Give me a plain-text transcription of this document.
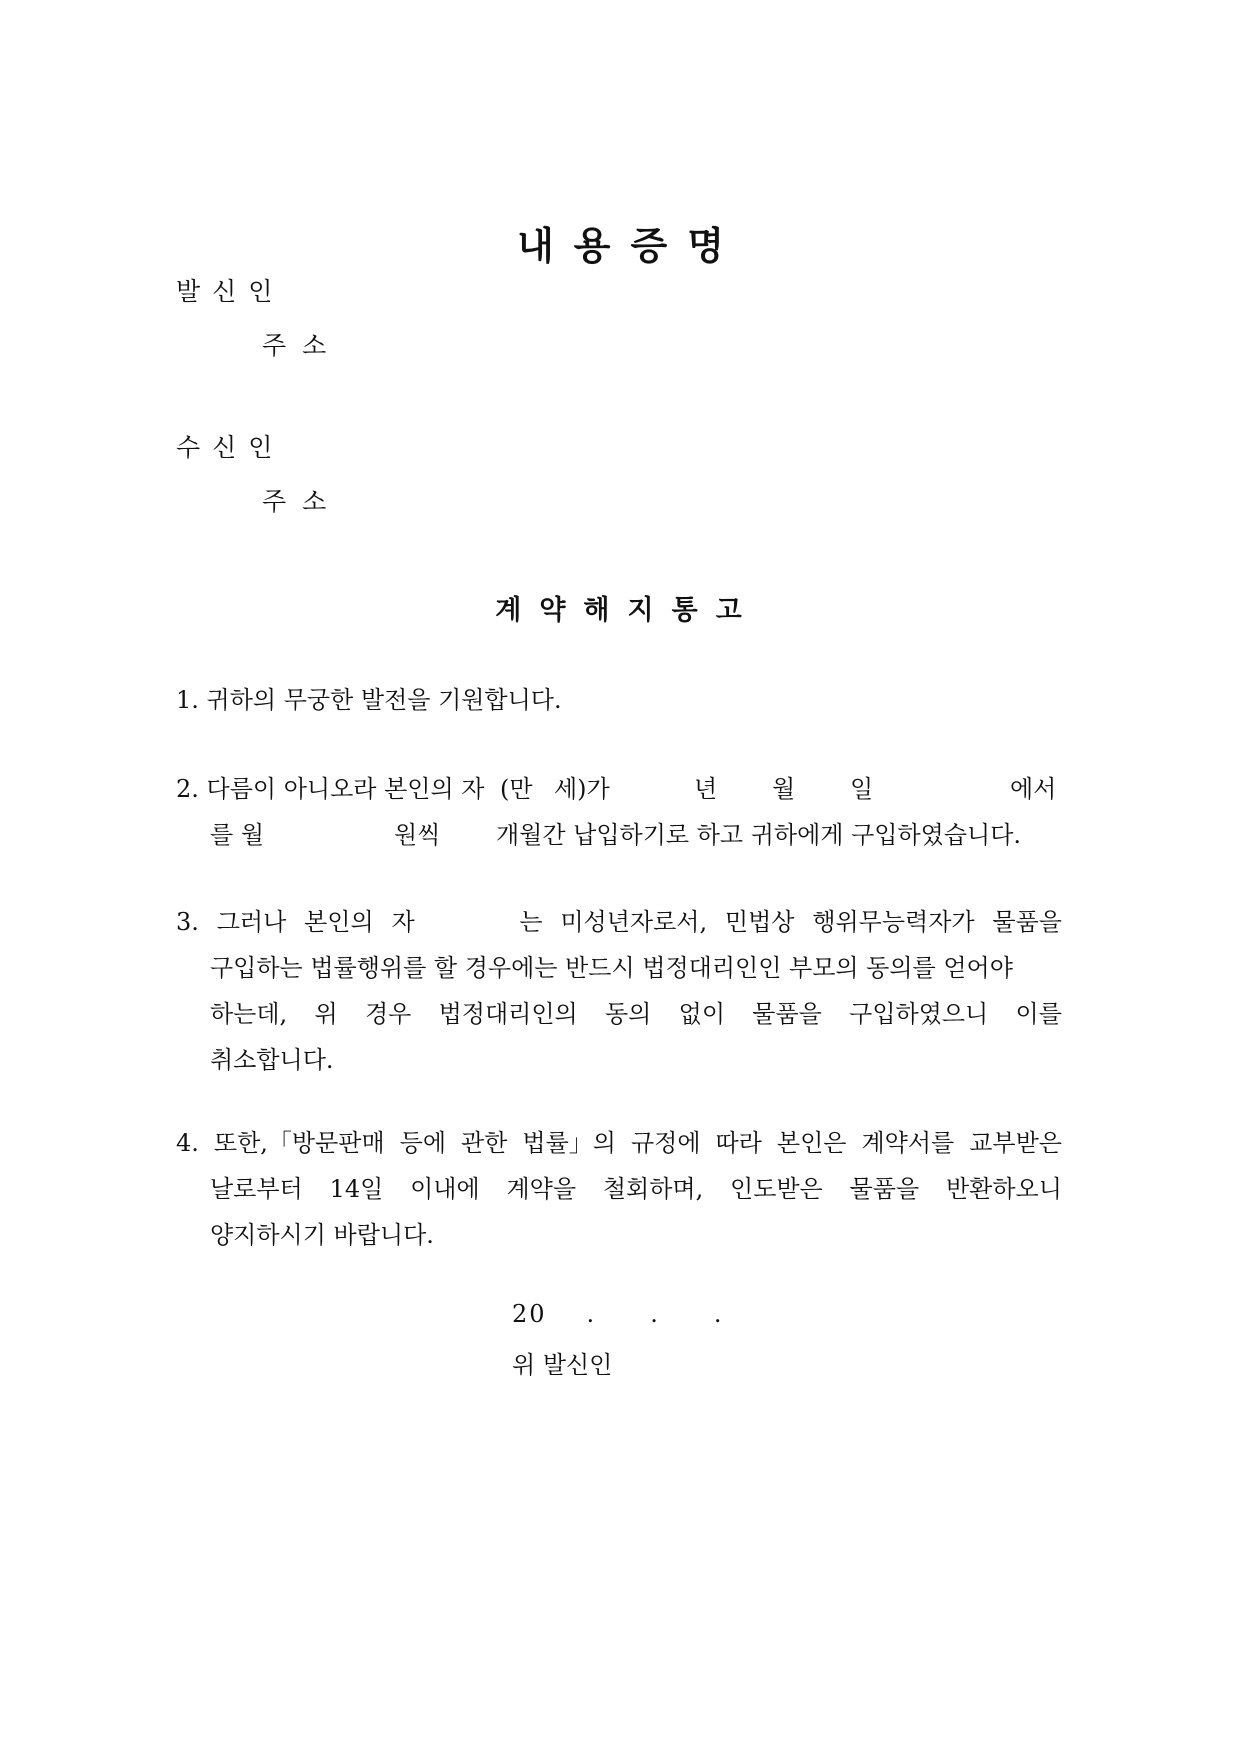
내용증명
발신인
주소
수신인
주소
계약해지통고
1. 귀하의 무궁한 발전을 기원합니다.
2. 다름이 아니오라 본인의 자 (만 세)가	년	월	일	에서
를 월	원씩	개월간 납입하기로 하고 귀하에게 구입하였습니다.
3. 그러나 본인의 자	는 미성년자로서, 민법상 행위무능력자가 물품을
구입하는 법률행위를 할 경우에는 반드시 법정대리인인 부모의 동의를 얻어야
하는데, 위 경우 법정대리인의 동의 없이 물품을 구입하였으니 이를
취소합니다.
4. 또한,「방문판매 등에 관한 법률」의 규정에 따라 본인은 계약서를 교부받은
날로부터 14일 이내에 계약을 철회하며, 인도받은 물품을 반환하오니
양지하시기 바랍니다.
20 . . .
위 발신인
